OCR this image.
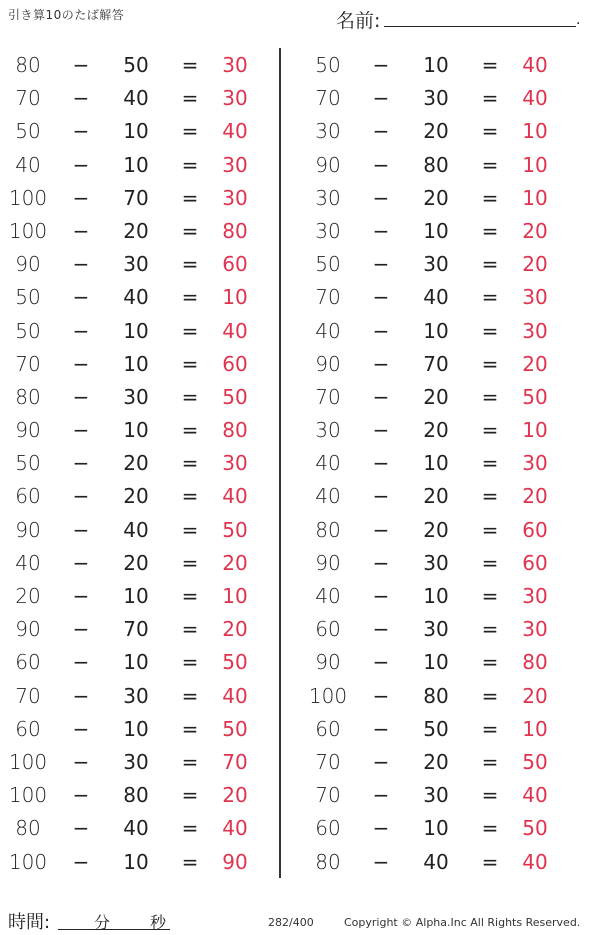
引き算10のたば解答	名前:	.
80	−	50	=	30
70	−	40	=	30
50	−	10	=	40
40	−	10	=	30
100	−	70	=	30
100	−	20	=	80
90	−	30	=	60
50	−	40	=	10
50	−	10	=	40
70	−	10	=	60
80	−	30	=	50
90	−	10	=	80
50	−	20	=	30
60	−	20	=	40
90	−	40	=	50
40	−	20	=	20
20	−	10	=	10
90	−	70	=	20
60	−	10	=	50
70	−	30	=	40
60	−	10	=	50
100	−	30	=	70
100	−	80	=	20
80	−	40	=	40
100	−	10	=	90
50	−	10	=	40
70	−	30	=	40
30	−	20	=	10
90	−	80	=	10
30	−	20	=	10
30	−	10	=	20
50	−	30	=	20
70	−	40	=	30
40	−	10	=	30
90	−	70	=	20
70	−	20	=	50
30	−	20	=	10
40	−	10	=	30
40	−	20	=	20
80	−	20	=	60
90	−	30	=	60
40	−	10	=	30
60	−	30	=	30
90	−	10	=	80
100	−	80	=	20
60	−	50	=	10
70	−	20	=	50
70	−	30	=	40
60	−	10	=	50
80	−	40	=	40
時間:	分 秒	282/400	Copyright © Alpha.Inc All Rights Reserved.
